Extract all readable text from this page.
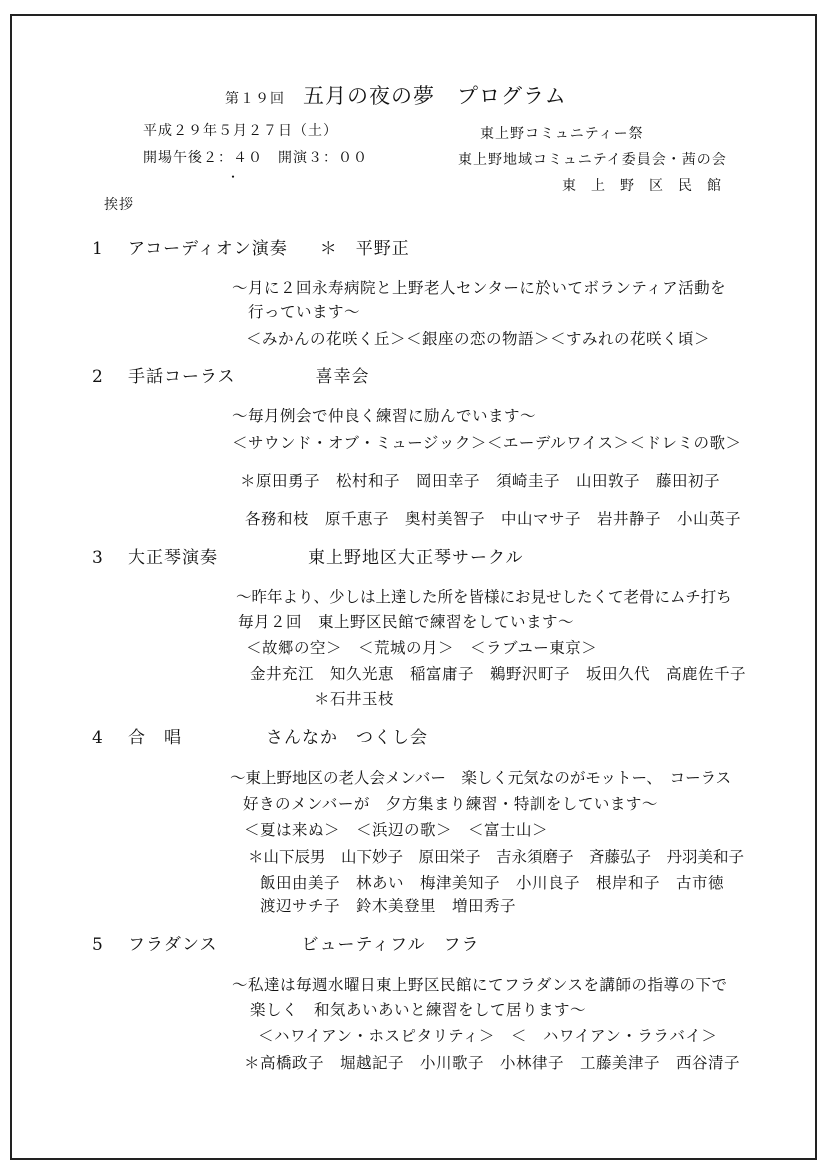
第１９回 五月の夜の夢 プログラム
平成２９年５月２７日（土）
開場午後２：４０　開演３：００
東上野コミュニティー祭
東上野地域コミュニテイ委員会・茜の会
東　上　野　区　民　館
・
挨拶
1 アコーディオン演奏 ＊　平野正
～月に２回永寿病院と上野老人センターに於いてボランティア活動を
行っています～
＜みかんの花咲く丘＞＜銀座の恋の物語＞＜すみれの花咲く頃＞
2 手話コーラス	喜幸会
～毎月例会で仲良く練習に励んでいます～
＜サウンド・オブ・ミュージック＞＜エーデルワイス＞＜ドレミの歌＞
＊原田勇子　松村和子　岡田幸子　須崎圭子　山田敦子　藤田初子
各務和枝　原千恵子　奥村美智子　中山マサ子　岩井静子　小山英子
3 大正琴演奏	東上野地区大正琴サークル
～昨年より、少しは上達した所を皆様にお見せしたくて老骨にムチ打ち
毎月２回　東上野区民館で練習をしています～
＜故郷の空＞　＜荒城の月＞　＜ラブユー東京＞
金井充江　知久光恵　稲富庸子　鵜野沢町子　坂田久代　高鹿佐千子
＊石井玉枝
4 合　唱	さんなか　つくし会
～東上野地区の老人会メンバー　楽しく元気なのがモットー、　コーラス
好きのメンバーが　夕方集まり練習・特訓をしています～
＜夏は来ぬ＞　＜浜辺の歌＞　＜富士山＞
＊山下辰男　山下妙子　原田栄子　吉永須磨子　斉藤弘子　丹羽美和子
飯田由美子　林あい　梅津美知子　小川良子　根岸和子　古市徳
渡辺サチ子　鈴木美登里　増田秀子
5 フラダンス	ビューティフル　フラ
～私達は毎週水曜日東上野区民館にてフラダンスを講師の指導の下で
楽しく　和気あいあいと練習をして居ります～
＜ハワイアン・ホスピタリティ＞　＜　ハワイアン・ララバイ＞
＊高橋政子　堀越記子　小川歌子　小林律子　工藤美津子　西谷清子
